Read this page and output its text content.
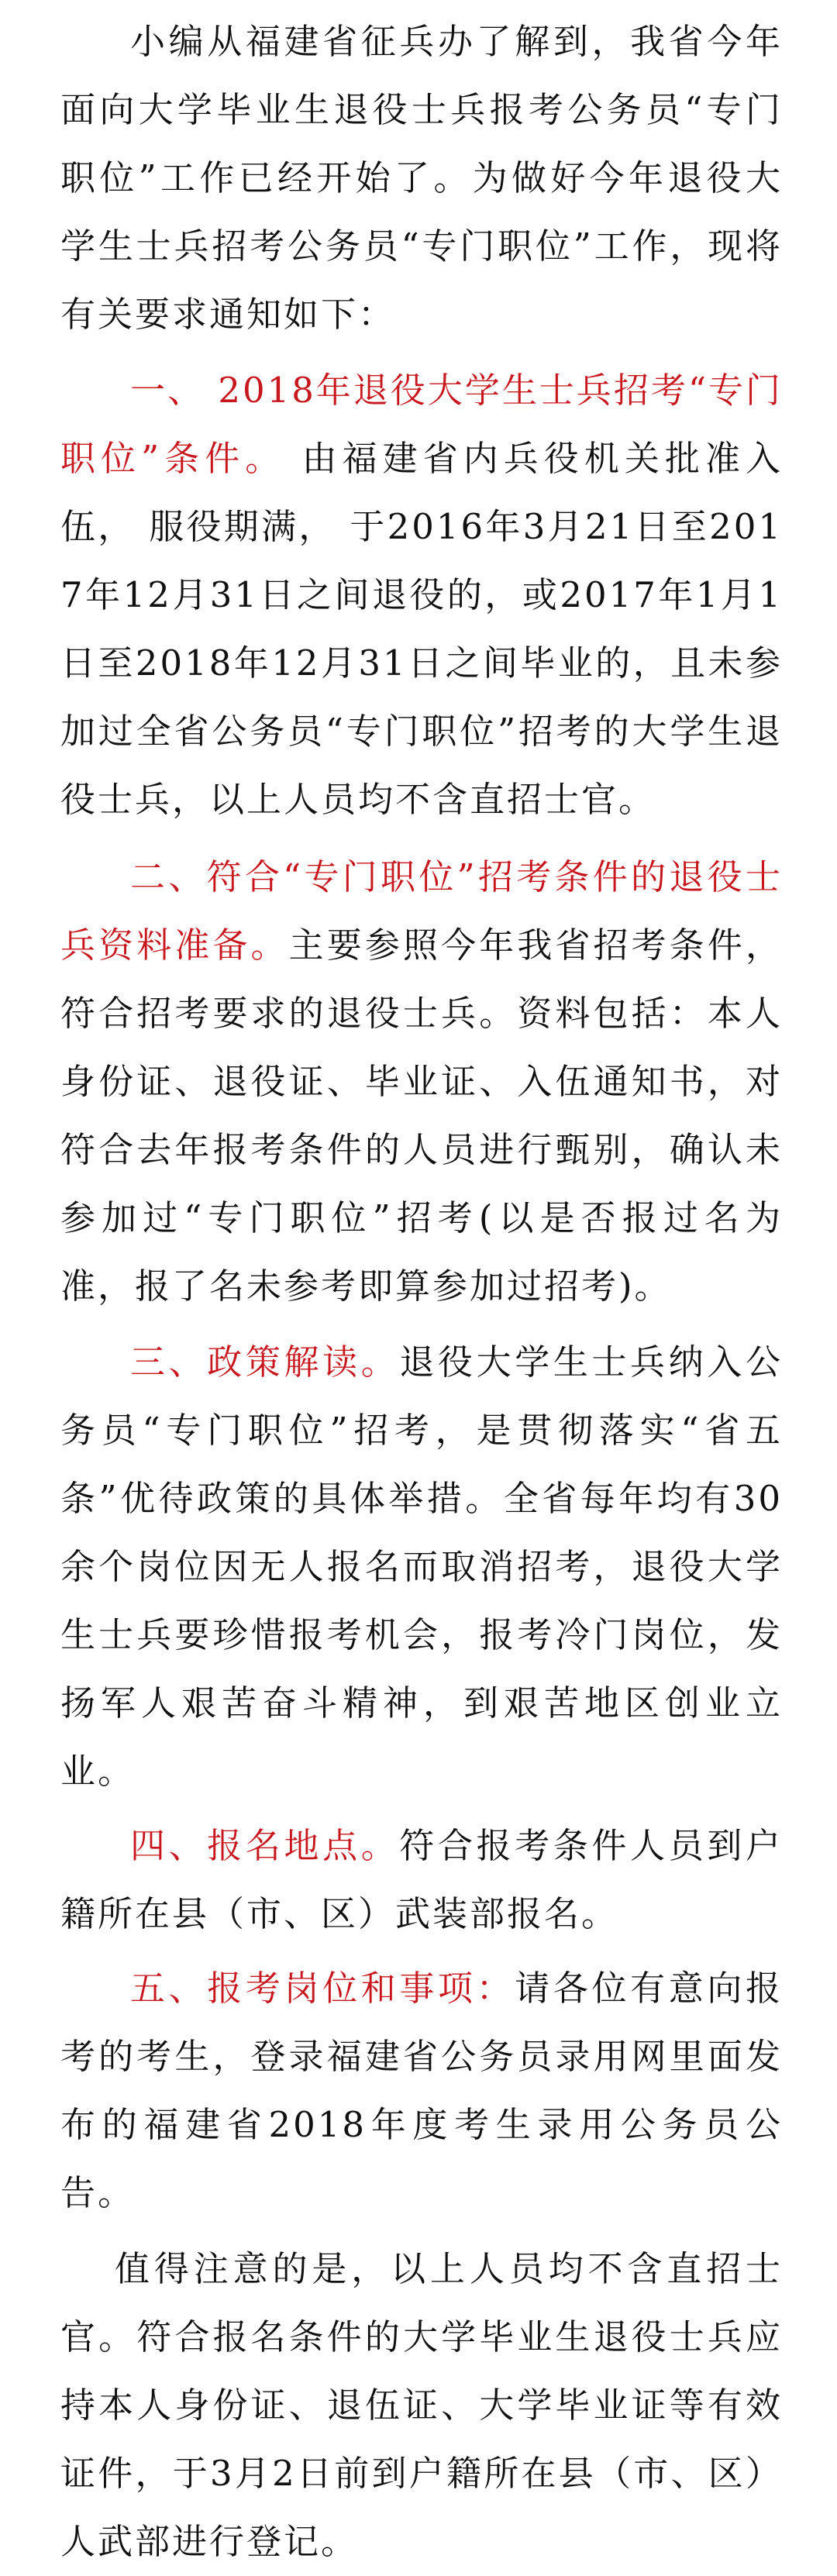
小编从福建省征兵办了解到，我省今年面向大学毕业生退役士兵报考公务员“专门职位”工作已经开始了。为做好今年退役大学生士兵招考公务员“专门职位”工作，现将有关要求通知如下：

一、 2018年退役大学生士兵招考“专门职位”条件。 由福建省内兵役机关批准入伍， 服役期满， 于2016年3月21日至2017年12月31日之间退役的，或2017年1月1日至2018年12月31日之间毕业的，且未参加过全省公务员“专门职位”招考的大学生退役士兵，以上人员均不含直招士官。

二、符合“专门职位”招考条件的退役士兵资料准备。主要参照今年我省招考条件，符合招考要求的退役士兵。资料包括：本人身份证、退役证、毕业证、入伍通知书，对符合去年报考条件的人员进行甄别，确认未参加过“专门职位”招考(以是否报过名为准，报了名未参考即算参加过招考)。

三、政策解读。退役大学生士兵纳入公务员“专门职位”招考，是贯彻落实“省五条”优待政策的具体举措。全省每年均有30余个岗位因无人报名而取消招考，退役大学生士兵要珍惜报考机会，报考冷门岗位，发扬军人艰苦奋斗精神，到艰苦地区创业立业。

四、报名地点。符合报考条件人员到户籍所在县（市、区）武装部报名。

五、报考岗位和事项：请各位有意向报考的考生，登录福建省公务员录用网里面发布的福建省2018年度考生录用公务员公告。

值得注意的是，以上人员均不含直招士官。符合报名条件的大学毕业生退役士兵应持本人身份证、退伍证、大学毕业证等有效证件，于3月2日前到户籍所在县（市、区）人武部进行登记。
